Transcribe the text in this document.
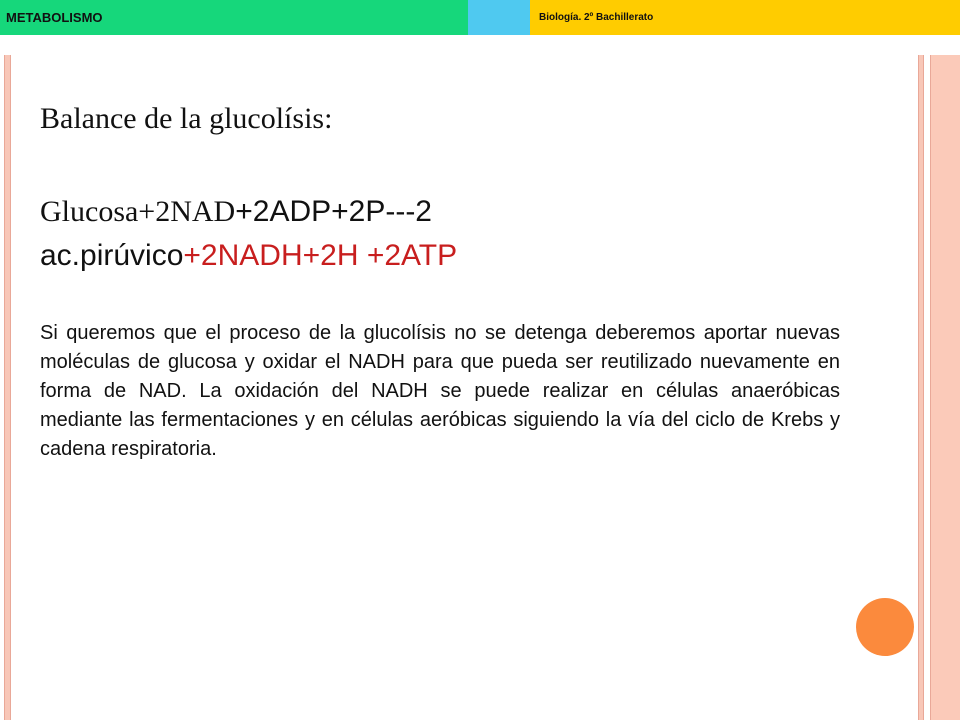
METABOLISMO	Biología. 2º Bachillerato
Balance de la glucolísis:

Glucosa+2NAD+2ADP+2P---2
ac.pirúvico+2NADH+2H +2ATP

Si queremos que el proceso de la glucolísis no se detenga deberemos aportar nuevas moléculas de glucosa y oxidar el NADH para que pueda ser reutilizado nuevamente en forma de NAD. La oxidación del NADH se puede realizar en células anaeróbicas mediante las fermentaciones y en células aeróbicas siguiendo la vía del ciclo de Krebs y cadena respiratoria.
